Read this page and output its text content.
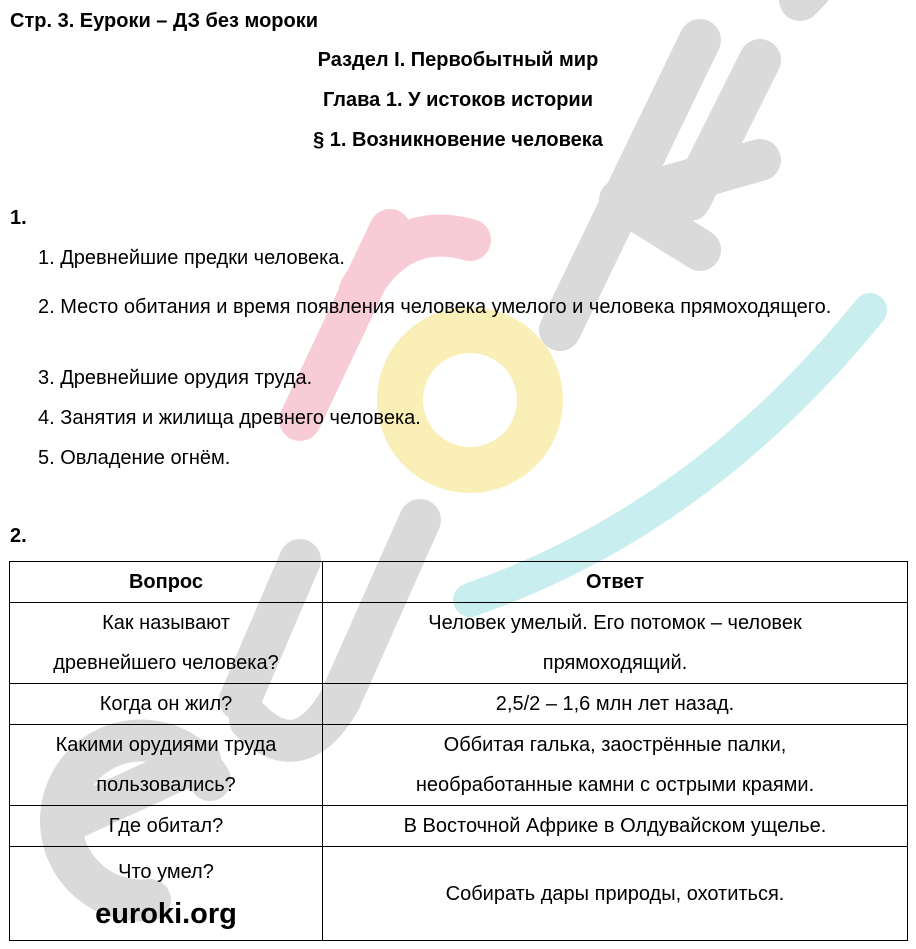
Стр. 3. Еуроки – ДЗ без мороки
Раздел I. Первобытный мир
Глава 1. У истоков истории
§ 1. Возникновение человека
1.
1. Древнейшие предки человека.
2. Место обитания и время появления человека умелого и человека прямоходящего.
3. Древнейшие орудия труда.
4. Занятия и жилища древнего человека.
5. Овладение огнём.
2.
Вопрос	Ответ
Как называют
древнейшего человека?	Человек умелый. Его потомок – человек
прямоходящий.
Когда он жил?	2,5/2 – 1,6 млн лет назад.
Какими орудиями труда
пользовались?	Оббитая галька, заострённые палки,
необработанные камни с острыми краями.
Где обитал?	В Восточной Африке в Олдувайском ущелье.
Что умел?
euroki.org	Собирать дары природы, охотиться.
